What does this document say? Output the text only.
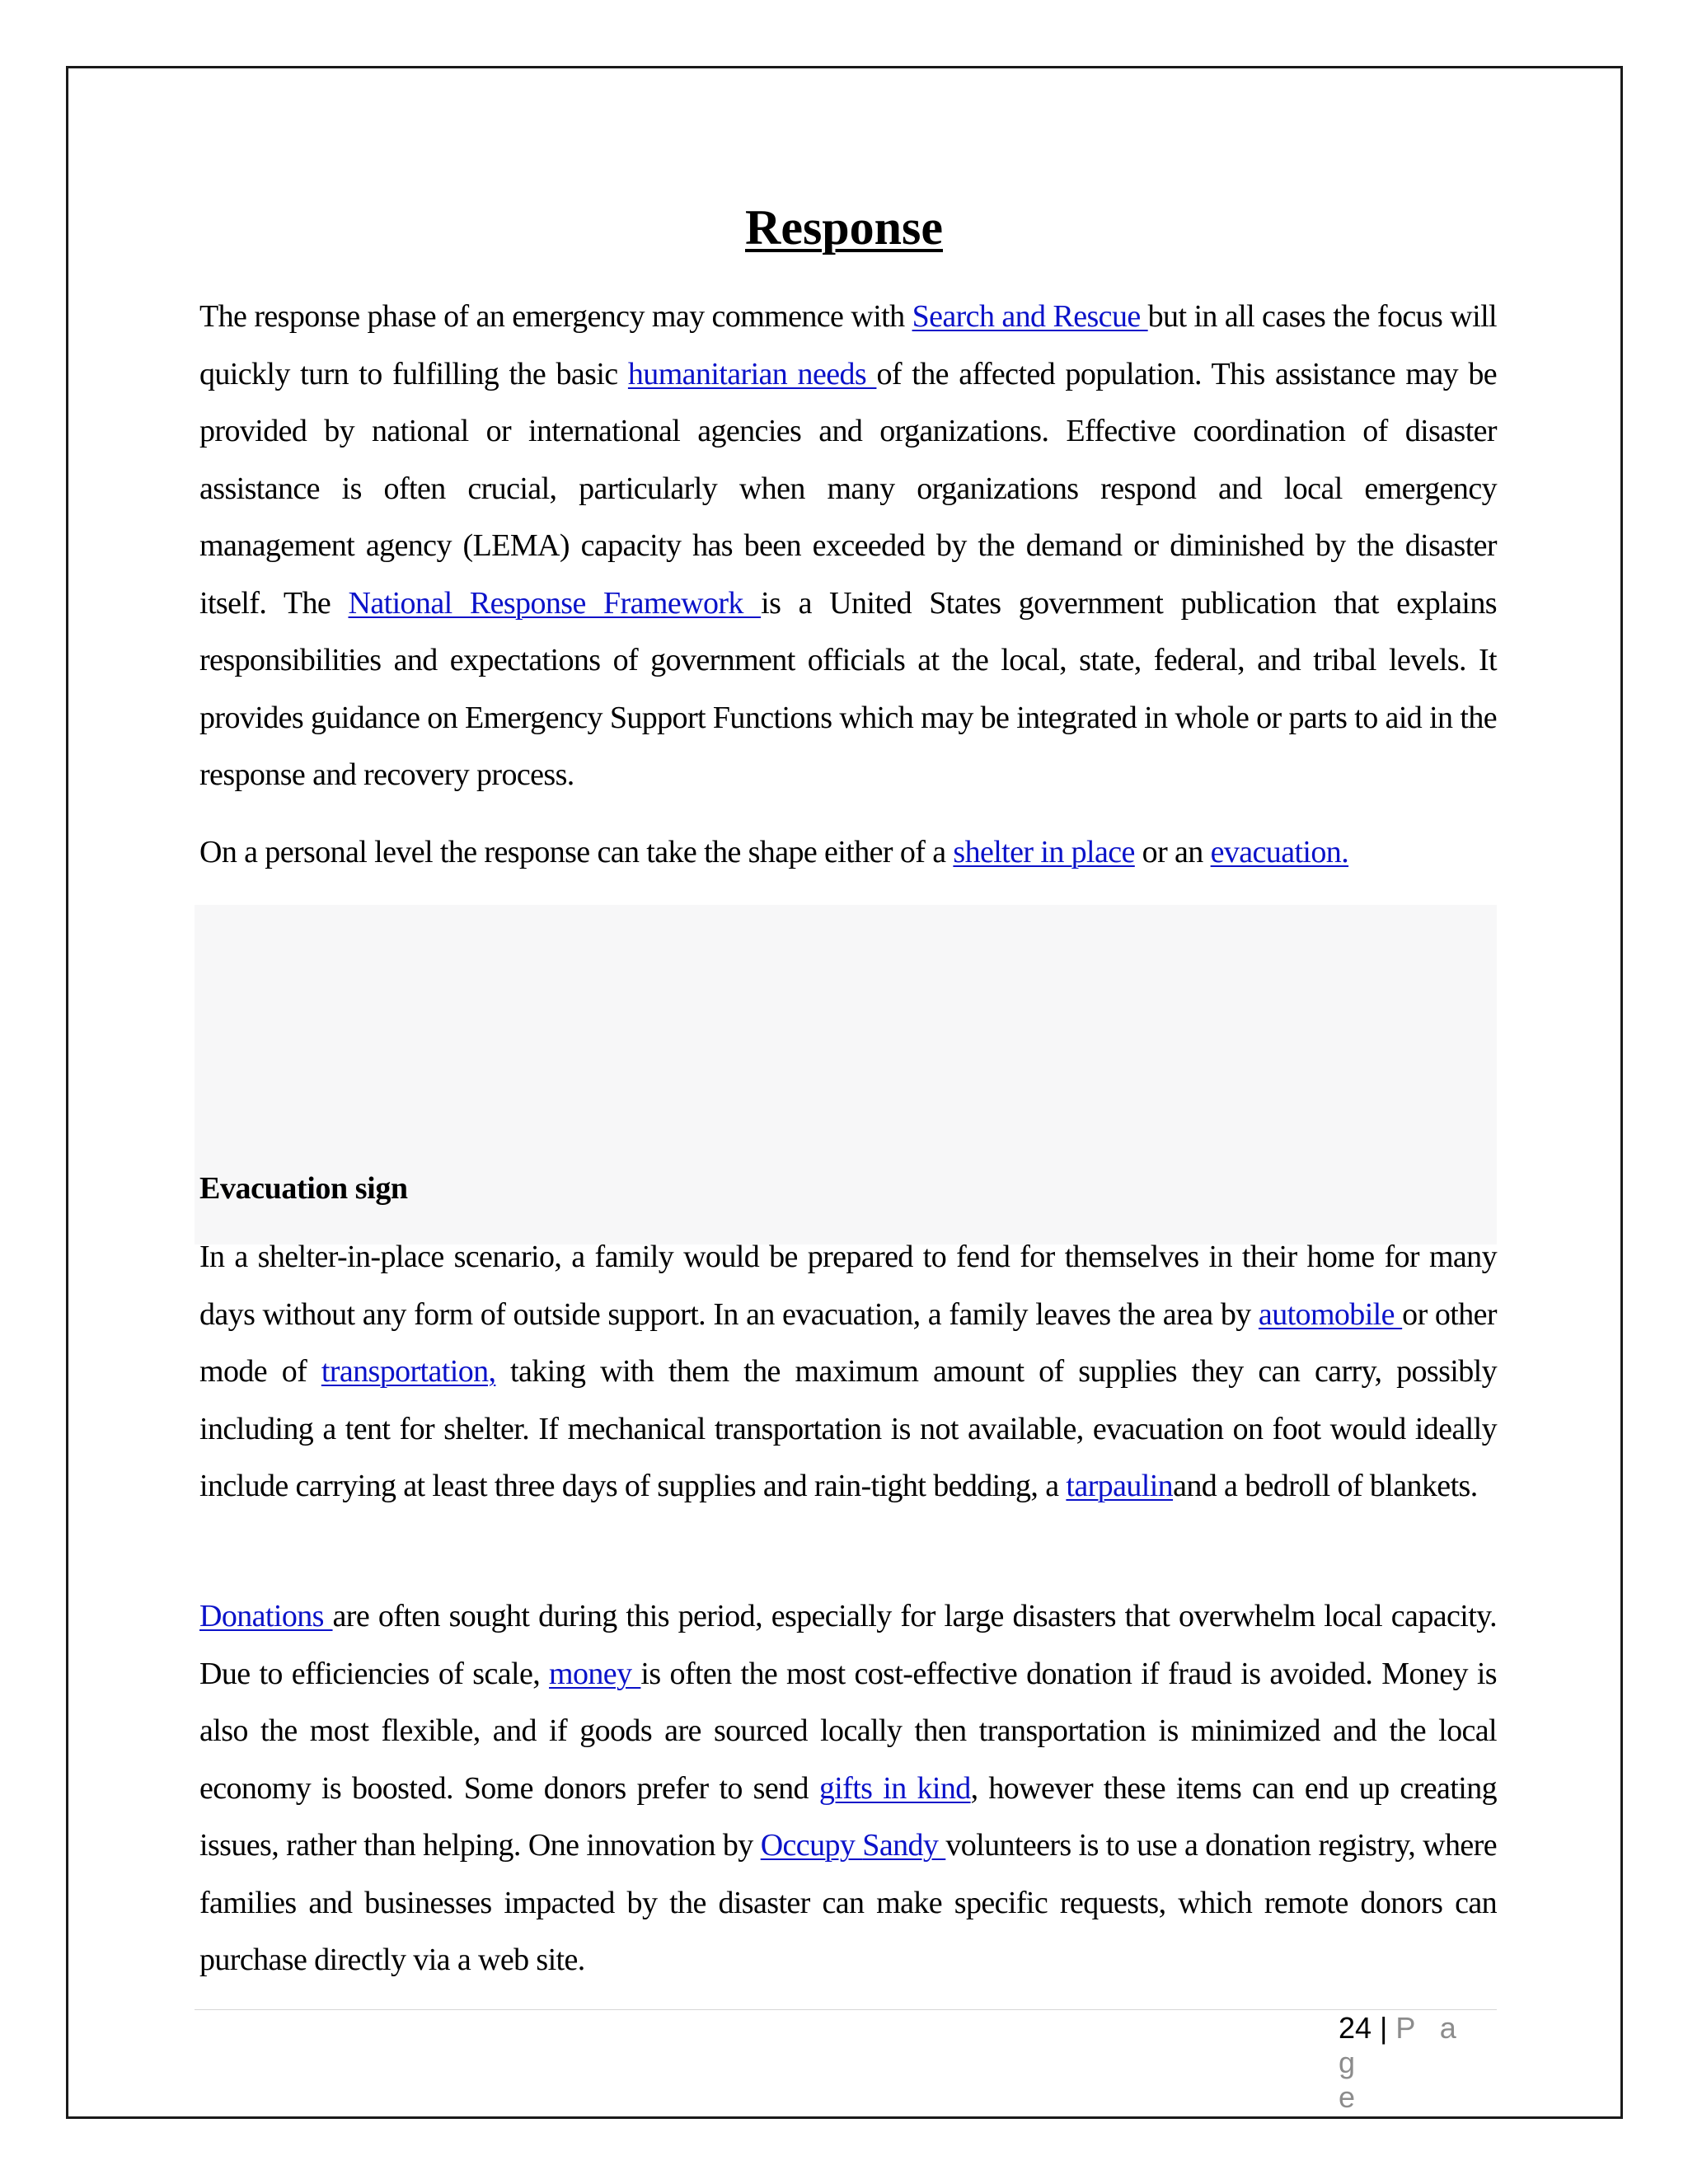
Response

The response phase of an emergency may commence with Search and Rescue but in all cases the focus will quickly turn to fulfilling the basic humanitarian needs of the affected population. This assistance may be provided by national or international agencies and organizations. Effective coordination of disaster assistance is often crucial, particularly when many organizations respond and local emergency management agency (LEMA) capacity has been exceeded by the demand or diminished by the disaster itself. The National Response Framework is a United States government publication that explains responsibilities and expectations of government officials at the local, state, federal, and tribal levels. It provides guidance on Emergency Support Functions which may be integrated in whole or parts to aid in the response and recovery process.

On a personal level the response can take the shape either of a shelter in place or an evacuation.

Evacuation sign

In a shelter-in-place scenario, a family would be prepared to fend for themselves in their home for many days without any form of outside support. In an evacuation, a family leaves the area by automobile or other mode of transportation, taking with them the maximum amount of supplies they can carry, possibly including a tent for shelter. If mechanical transportation is not available, evacuation on foot would ideally include carrying at least three days of supplies and rain-tight bedding, a tarpaulinand a bedroll of blankets.

Donations are often sought during this period, especially for large disasters that overwhelm local capacity. Due to efficiencies of scale, money is often the most cost-effective donation if fraud is avoided. Money is also the most flexible, and if goods are sourced locally then transportation is minimized and the local economy is boosted. Some donors prefer to send gifts in kind, however these items can end up creating issues, rather than helping. One innovation by Occupy Sandy volunteers is to use a donation registry, where families and businesses impacted by the disaster can make specific requests, which remote donors can purchase directly via a web site.

24 | P a g
e
